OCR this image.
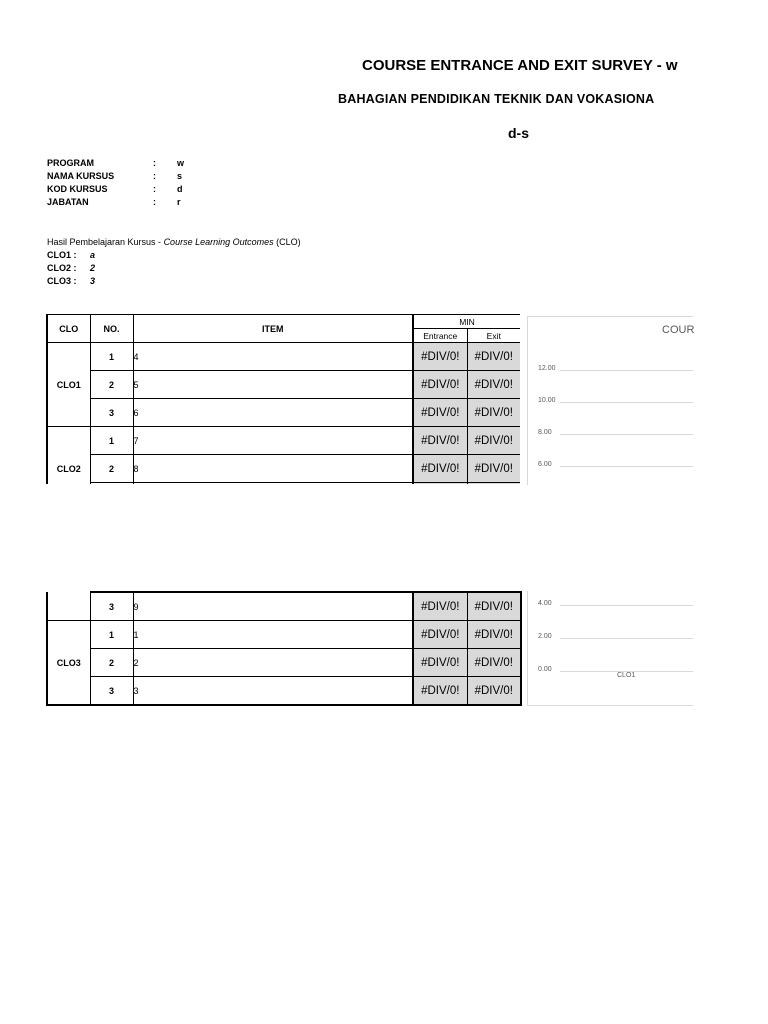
COURSE ENTRANCE AND EXIT SURVEY - w
BAHAGIAN PENDIDIKAN TEKNIK DAN VOKASIONA
d-s
PROGRAM	: w
NAMA KURSUS	: s
KOD KURSUS	: d
JABATAN	: r
Hasil Pembelajaran Kursus - Course Learning Outcomes (CLO)
CLO1 : a
CLO2 : 2
CLO3 : 3
CLO	NO.	ITEM	MIN	
			Entrance	Exit
CLO1	1	4	#DIV/0!	#DIV/0!
	2	5	#DIV/0!	#DIV/0!
	3	6	#DIV/0!	#DIV/0!
CLO2	1	7	#DIV/0!	#DIV/0!
	2	8	#DIV/0!	#DIV/0!

	3	9	#DIV/0!	#DIV/0!
CLO3	1	1	#DIV/0!	#DIV/0!
	2	2	#DIV/0!	#DIV/0!
	3	3	#DIV/0!	#DIV/0!
COUR
12.00
10.00
8.00
6.00
4.00
2.00
0.00
CLO1
